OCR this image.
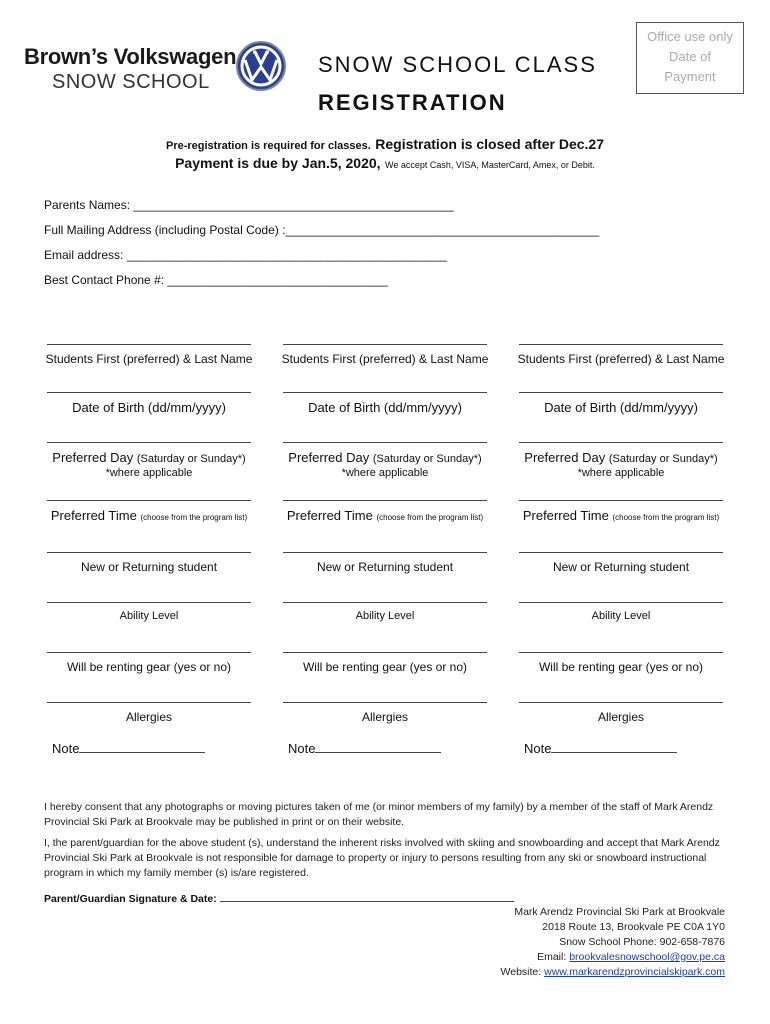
Brown’s Volkswagen
SNOW SCHOOL
SNOW SCHOOL CLASS
REGISTRATION
Office use only
Date of
Payment
Pre-registration is required for classes. Registration is closed after Dec.27
Payment is due by Jan.5, 2020, We accept Cash, VISA, MasterCard, Amex, or Debit.
Parents Names: ________________________________________________
Full Mailing Address (including Postal Code) :_______________________________________________
Email address: ________________________________________________
Best Contact Phone #: _________________________________
Students First (preferred) & Last Name
Date of Birth (dd/mm/yyyy)
Preferred Day (Saturday or Sunday*)
*where applicable
Preferred Time (choose from the program list)
New or Returning student
Ability Level
Will be renting gear (yes or no)
Allergies
Note
Students First (preferred) & Last Name
Date of Birth (dd/mm/yyyy)
Preferred Day (Saturday or Sunday*)
*where applicable
Preferred Time (choose from the program list)
New or Returning student
Ability Level
Will be renting gear (yes or no)
Allergies
Note
Students First (preferred) & Last Name
Date of Birth (dd/mm/yyyy)
Preferred Day (Saturday or Sunday*)
*where applicable
Preferred Time (choose from the program list)
New or Returning student
Ability Level
Will be renting gear (yes or no)
Allergies
Note
I hereby consent that any photographs or moving pictures taken of me (or minor members of my family) by a member of the staff of Mark Arendz Provincial Ski Park at Brookvale may be published in print or on their website.
I, the parent/guardian for the above student (s), understand the inherent risks involved with skiing and snowboarding and accept that Mark Arendz Provincial Ski Park at Brookvale is not responsible for damage to property or injury to persons resulting from any ski or snowboard instructional program in which my family member (s) is/are registered.
Parent/Guardian Signature & Date:
Mark Arendz Provincial Ski Park at Brookvale
2018 Route 13, Brookvale PE C0A 1Y0
Snow School Phone: 902-658-7876
Email: brookvalesnowschool@gov.pe.ca
Website: www.markarendzprovincialskipark.com
